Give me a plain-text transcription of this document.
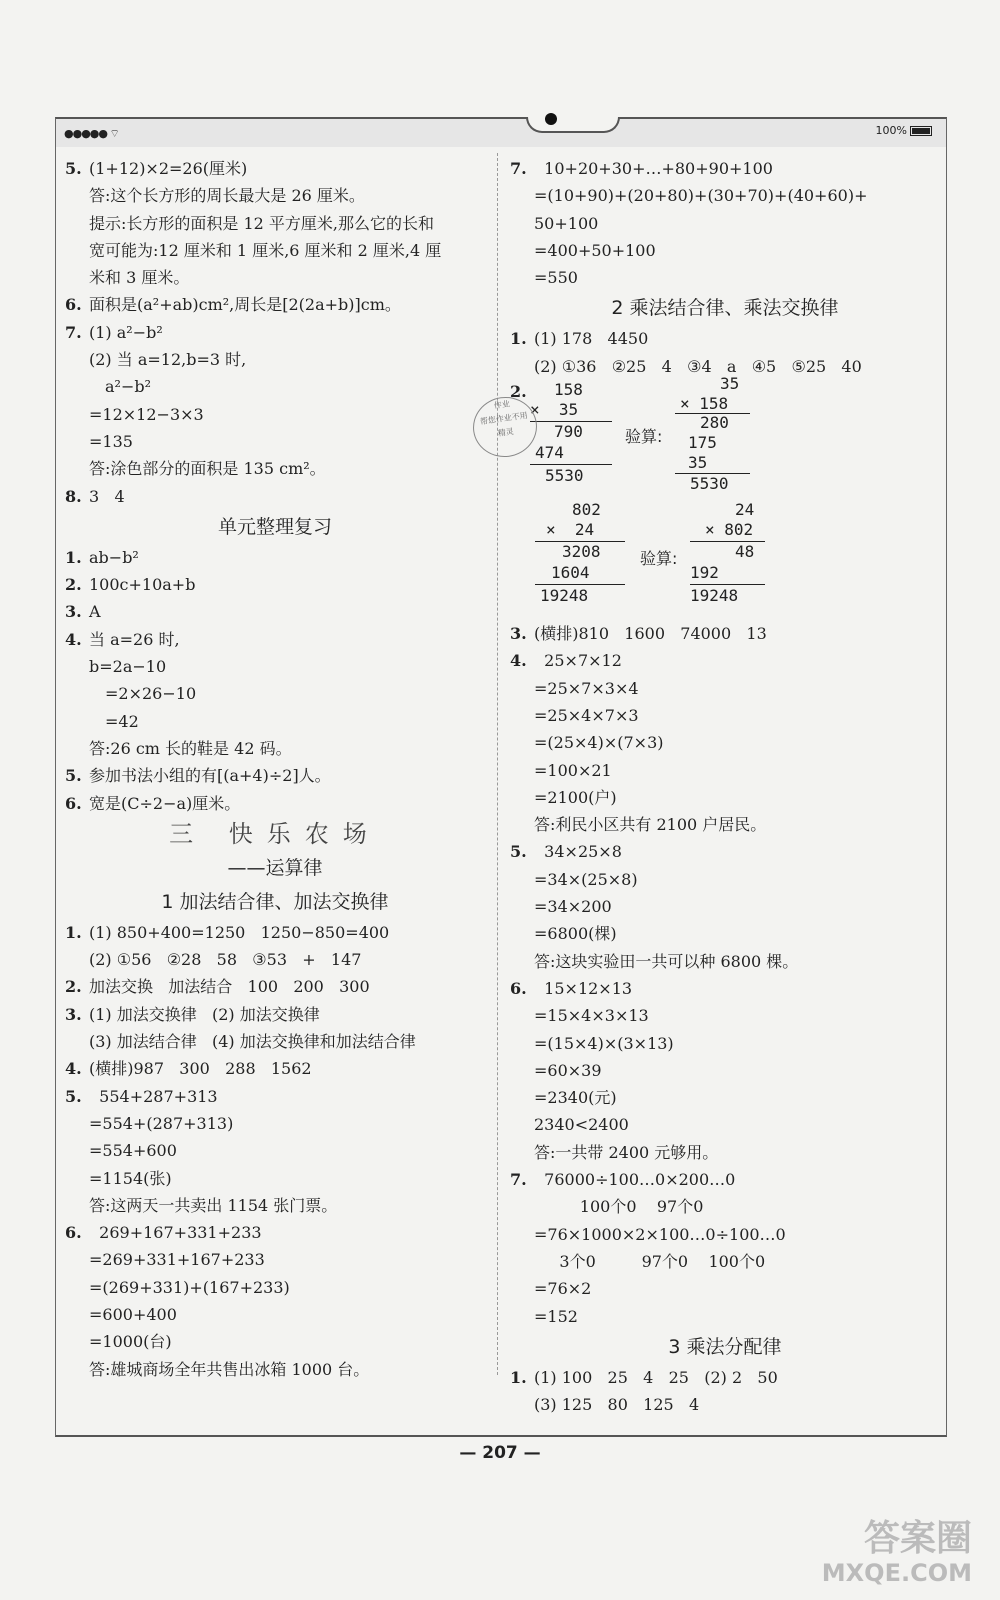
●●●●● ⌔	100%
5. (1+12)×2=26(厘米)
答:这个长方形的周长最大是 26 厘米。
提示:长方形的面积是 12 平方厘米,那么它的长和
宽可能为:12 厘米和 1 厘米,6 厘米和 2 厘米,4 厘
米和 3 厘米。
6. 面积是(a²+ab)cm²,周长是[2(2a+b)]cm。
7. (1) a²−b²
(2) 当 a=12,b=3 时,
a²−b²
=12×12−3×3
=135
答:涂色部分的面积是 135 cm²。
8. 3   4
单元整理复习
1. ab−b²
2. 100c+10a+b
3. A
4. 当 a=26 时,
b=2a−10
=2×26−10
=42
答:26 cm 长的鞋是 42 码。
5. 参加书法小组的有[(a+4)÷2]人。
6. 宽是(C÷2−a)厘米。
三 快乐农场
——运算律
1 加法结合律、加法交换律
1. (1) 850+400=1250   1250−850=400
(2) ①56   ②28   58   ③53   +   147
2. 加法交换   加法结合   100   200   300
3. (1) 加法交换律   (2) 加法交换律
(3) 加法结合律   (4) 加法交换律和加法结合律
4. (横排)987   300   288   1562
5.  554+287+313
=554+(287+313)
=554+600
=1154(张)
答:这两天一共卖出 1154 张门票。
6.  269+167+331+233
=269+331+167+233
=(269+331)+(167+233)
=600+400
=1000(台)
答:雄城商场全年共售出冰箱 1000 台。
7.  10+20+30+…+80+90+100
=(10+90)+(20+80)+(30+70)+(40+60)+
50+100
=400+50+100
=550
2 乘法结合律、乘法交换律
1. (1) 178   4450
(2) ①36   ②25   4   ③4   a   ④5   ⑤25   40
2. 158
×  35
790
474
5530
验算:
35
× 158
280
175
35
5530
802
×  24
3208
1604
19248
验算:
24
× 802
48
192
19248
3. (横排)810   1600   74000   13
4.  25×7×12
=25×7×3×4
=25×4×7×3
=(25×4)×(7×3)
=100×21
=2100(户)
答:利民小区共有 2100 户居民。
5.  34×25×8
=34×(25×8)
=34×200
=6800(棵)
答:这块实验田一共可以种 6800 棵。
6.  15×12×13
=15×4×3×13
=(15×4)×(3×13)
=60×39
=2340(元)
2340<2400
答:一共带 2400 元够用。
7.  76000÷100…0×200…0
100个0    97个0
=76×1000×2×100…0÷100…0
3个0         97个0    100个0
=76×2
=152
3 乘法分配律
1. (1) 100   25   4   25   (2) 2   50
(3) 125   80   125   4
作业
帮您作业不用
精灵
— 207 —
答案圈
MXQE.COM
